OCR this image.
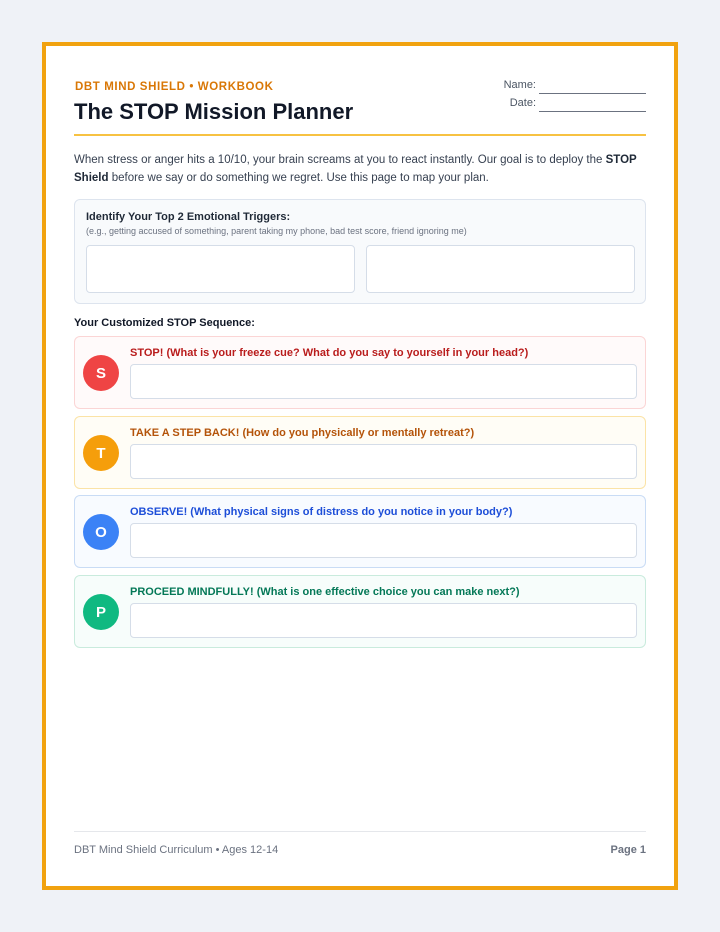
DBT MIND SHIELD • WORKBOOK
The STOP Mission Planner
Name:
Date:

When stress or anger hits a 10/10, your brain screams at you to react instantly. Our goal is to deploy the STOP Shield before we say or do something we regret. Use this page to map your plan.

Identify Your Top 2 Emotional Triggers:
(e.g., getting accused of something, parent taking my phone, bad test score, friend ignoring me)
Your Customized STOP Sequence:
S
STOP! (What is your freeze cue? What do you say to yourself in your head?)
T
TAKE A STEP BACK! (How do you physically or mentally retreat?)
O
OBSERVE! (What physical signs of distress do you notice in your body?)
P
PROCEED MINDFULLY! (What is one effective choice you can make next?)
DBT Mind Shield Curriculum • Ages 12-14	Page 1
